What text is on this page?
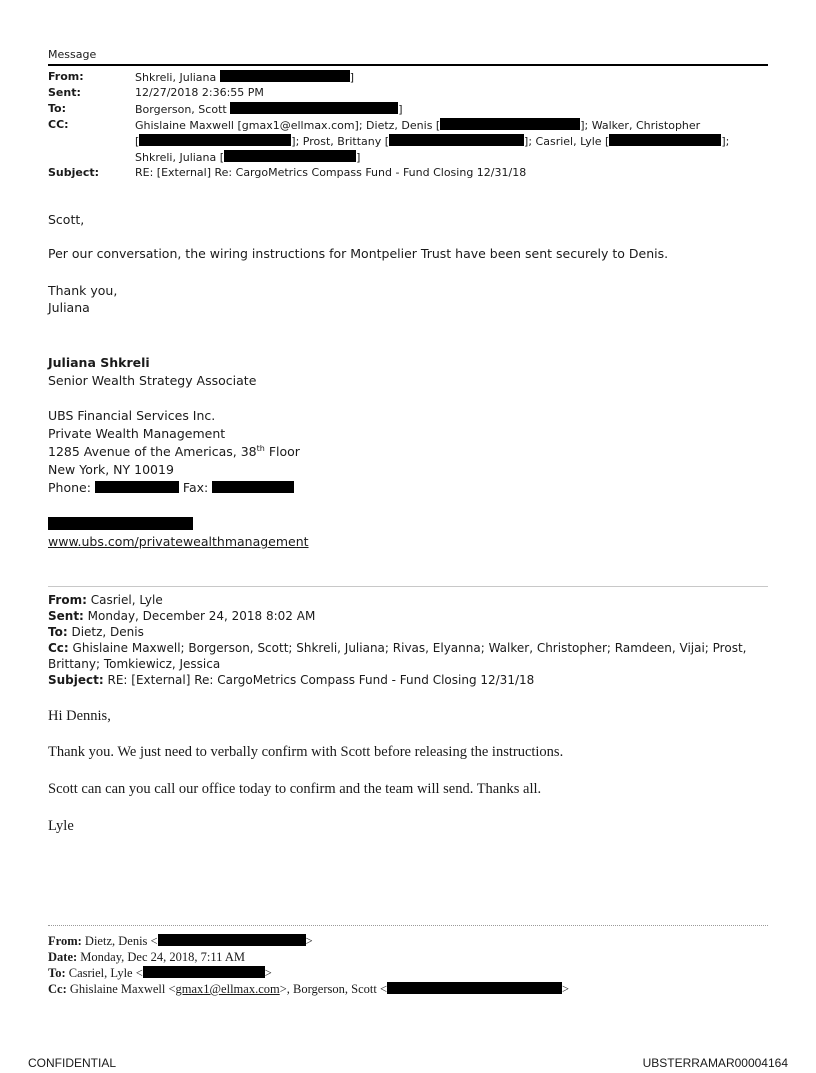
Message
From:	Shkreli, Juliana	]
Sent:	12/27/2018 2:36:55 PM
To:	Borgerson, Scott	]
CC:	Ghislaine Maxwell [gmax1@ellmax.com]; Dietz, Denis [	]; Walker, Christopher
[	]; Prost, Brittany [	]; Casriel, Lyle [	];
Shkreli, Juliana [	]
Subject:	RE: [External] Re: CargoMetrics Compass Fund - Fund Closing 12/31/18
Scott,
Per our conversation, the wiring instructions for Montpelier Trust have been sent securely to Denis.
Thank you,
Juliana
Juliana Shkreli
Senior Wealth Strategy Associate
UBS Financial Services Inc.
Private Wealth Management
1285 Avenue of the Americas, 38th Floor
New York, NY 10019
Phone:	Fax:
www.ubs.com/privatewealthmanagement
From: Casriel, Lyle
Sent: Monday, December 24, 2018 8:02 AM
To: Dietz, Denis
Cc: Ghislaine Maxwell; Borgerson, Scott; Shkreli, Juliana; Rivas, Elyanna; Walker, Christopher; Ramdeen, Vijai; Prost,
Brittany; Tomkiewicz, Jessica
Subject: RE: [External] Re: CargoMetrics Compass Fund - Fund Closing 12/31/18
Hi Dennis,
Thank you. We just need to verbally confirm with Scott before releasing the instructions.
Scott can can you call our office today to confirm and the team will send. Thanks all.
Lyle
From: Dietz, Denis <	>
Date: Monday, Dec 24, 2018, 7:11 AM
To: Casriel, Lyle <	>
Cc: Ghislaine Maxwell <gmax1@ellmax.com>, Borgerson, Scott <	>
CONFIDENTIAL	UBSTERRAMAR00004164
